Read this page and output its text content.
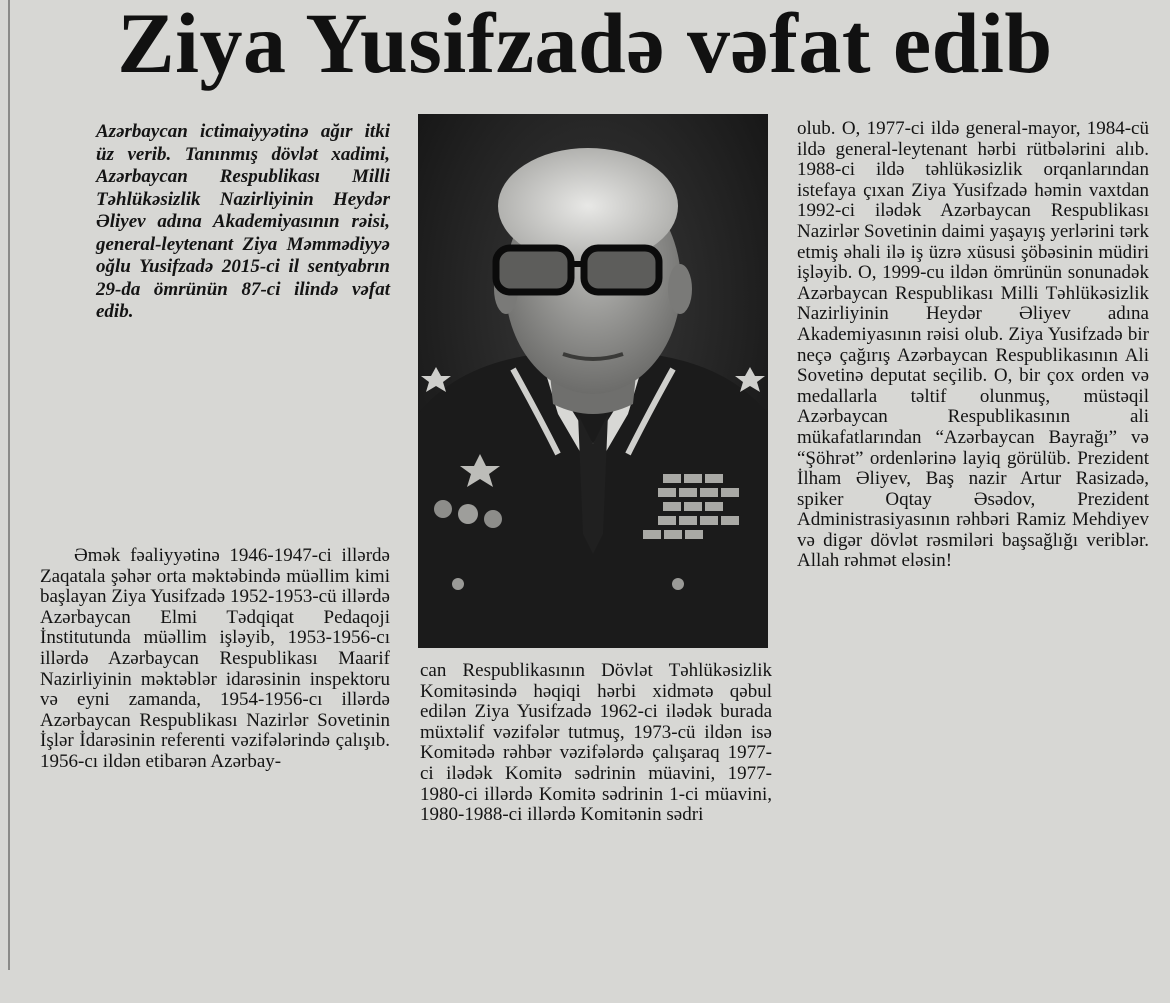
Ziya Yusifzadə vəfat edib

Azərbaycan ictimaiyyətinə ağır itki üz verib. Tanınmış dövlət xadimi, Azərbaycan Respublikası Milli Təhlükəsizlik Nazirliyinin Heydər Əliyev adına Akademiyasının rəisi, general-leytenant Ziya Məmmədiyyə oğlu Yusifzadə 2015-ci il sentyabrın 29-da ömrünün 87-ci ilində vəfat edib.

Əmək fəaliyyətinə 1946-1947-ci illərdə Zaqatala şəhər orta məktəbində müəllim kimi başlayan Ziya Yusifzadə 1952-1953-cü illərdə Azərbaycan Elmi Tədqiqat Pedaqoji İnstitutunda müəllim işləyib, 1953-1956-cı illərdə Azərbaycan Respublikası Maarif Nazirliyinin məktəblər idarəsinin inspektoru və eyni zamanda, 1954-1956-cı illərdə Azərbaycan Respublikası Nazirlər Sovetinin İşlər İdarəsinin referenti vəzifələrində çalışıb. 1956-cı ildən etibarən Azərbay-

can Respublikasının Dövlət Təhlükəsizlik Komitəsində həqiqi hərbi xidmətə qəbul edilən Ziya Yusifzadə 1962-ci ilədək burada müxtəlif vəzifələr tutmuş, 1973-cü ildən isə Komitədə rəhbər vəzifələrdə çalışaraq 1977-ci ilədək Komitə sədrinin müavini, 1977-1980-ci illərdə Komitə sədrinin 1-ci müavini, 1980-1988-ci illərdə Komitənin sədri

olub. O, 1977-ci ildə general-mayor, 1984-cü ildə general-leytenant hərbi rütbələrini alıb. 1988-ci ildə təhlükəsizlik orqanlarından istefaya çıxan Ziya Yusifzadə həmin vaxtdan 1992-ci ilədək Azərbaycan Respublikası Nazirlər Sovetinin daimi yaşayış yerlərini tərk etmiş əhali ilə iş üzrə xüsusi şöbəsinin müdiri işləyib. O, 1999-cu ildən ömrünün sonunadək Azərbaycan Respublikası Milli Təhlükəsizlik Nazirliyinin Heydər Əliyev adına Akademiyasının rəisi olub. Ziya Yusifzadə bir neçə çağırış Azərbaycan Respublikasının Ali Sovetinə deputat seçilib. O, bir çox orden və medallarla təltif olunmuş, müstəqil Azərbaycan Respublikasının ali mükafatlarından “Azərbaycan Bayrağı” və “Şöhrət” ordenlərinə layiq görülüb. Prezident İlham Əliyev, Baş nazir Artur Rasizadə, spiker Oqtay Əsədov, Prezident Administrasiyasının rəhbəri Ramiz Mehdiyev və digər dövlət rəsmiləri başsağlığı veriblər. Allah rəhmət eləsin!
